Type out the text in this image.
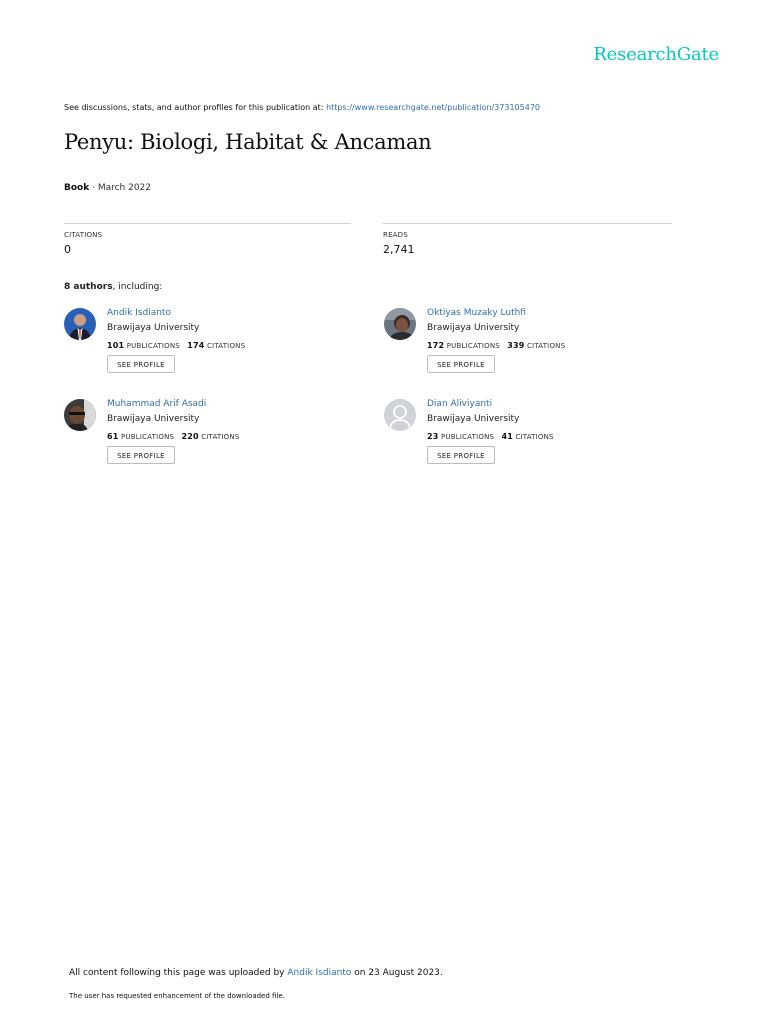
ResearchGate
See discussions, stats, and author profiles for this publication at: https://www.researchgate.net/publication/373105470
Penyu: Biologi, Habitat & Ancaman
Book · March 2022
CITATIONS
0
READS
2,741
8 authors, including:
Andik Isdianto
Brawijaya University
101 PUBLICATIONS 174 CITATIONS
SEE PROFILE
Oktiyas Muzaky Luthfi
Brawijaya University
172 PUBLICATIONS 339 CITATIONS
SEE PROFILE
Muhammad Arif Asadi
Brawijaya University
61 PUBLICATIONS 220 CITATIONS
SEE PROFILE
Dian Aliviyanti
Brawijaya University
23 PUBLICATIONS 41 CITATIONS
SEE PROFILE
All content following this page was uploaded by Andik Isdianto on 23 August 2023.
The user has requested enhancement of the downloaded file.
